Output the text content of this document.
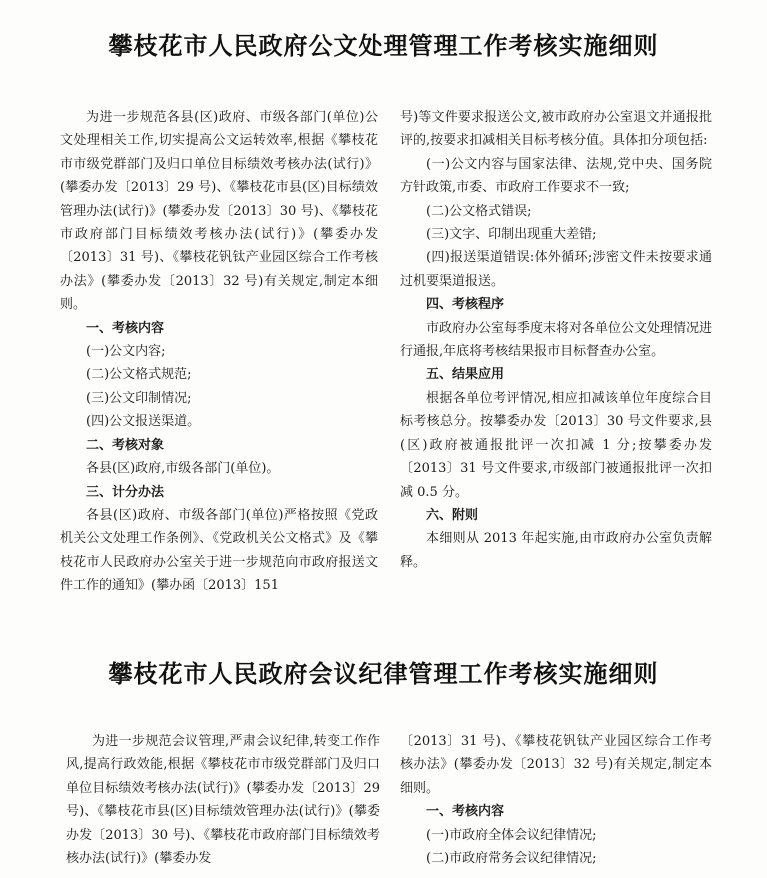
攀枝花市人民政府公文处理管理工作考核实施细则

为进一步规范各县(区)政府、市级各部门(单位)公文处理相关工作,切实提高公文运转效率,根据《攀枝花市市级党群部门及归口单位目标绩效考核办法(试行)》(攀委办发〔2013〕29 号)、《攀枝花市县(区)目标绩效管理办法(试行)》(攀委办发〔2013〕30 号)、《攀枝花市政府部门目标绩效考核办法(试行)》(攀委办发〔2013〕31 号)、《攀枝花钒钛产业园区综合工作考核办法》(攀委办发〔2013〕32 号)有关规定,制定本细则。

一、考核内容

(一)公文内容;

(二)公文格式规范;

(三)公文印制情况;

(四)公文报送渠道。

二、考核对象

各县(区)政府,市级各部门(单位)。

三、计分办法

各县(区)政府、市级各部门(单位)严格按照《党政机关公文处理工作条例》、《党政机关公文格式》及《攀枝花市人民政府办公室关于进一步规范向市政府报送文件工作的通知》(攀办函〔2013〕151

号)等文件要求报送公文,被市政府办公室退文并通报批评的,按要求扣减相关目标考核分值。具体扣分项包括:

(一)公文内容与国家法律、法规,党中央、国务院方针政策,市委、市政府工作要求不一致;

(二)公文格式错误;

(三)文字、印制出现重大差错;

(四)报送渠道错误:体外循环;涉密文件未按要求通过机要渠道报送。

四、考核程序

市政府办公室每季度末将对各单位公文处理情况进行通报,年底将考核结果报市目标督查办公室。

五、结果应用

根据各单位考评情况,相应扣减该单位年度综合目标考核总分。按攀委办发〔2013〕30 号文件要求,县(区)政府被通报批评一次扣减 1 分;按攀委办发〔2013〕31 号文件要求,市级部门被通报批评一次扣减 0.5 分。

六、附则

本细则从 2013 年起实施,由市政府办公室负责解释。

攀枝花市人民政府会议纪律管理工作考核实施细则

为进一步规范会议管理,严肃会议纪律,转变工作作风,提高行政效能,根据《攀枝花市市级党群部门及归口单位目标绩效考核办法(试行)》(攀委办发〔2013〕29 号)、《攀枝花市县(区)目标绩效管理办法(试行)》(攀委办发〔2013〕30 号)、《攀枝花市政府部门目标绩效考核办法(试行)》(攀委办发

〔2013〕31 号)、《攀枝花钒钛产业园区综合工作考核办法》(攀委办发〔2013〕32 号)有关规定,制定本细则。

一、考核内容

(一)市政府全体会议纪律情况;

(二)市政府常务会议纪律情况;
